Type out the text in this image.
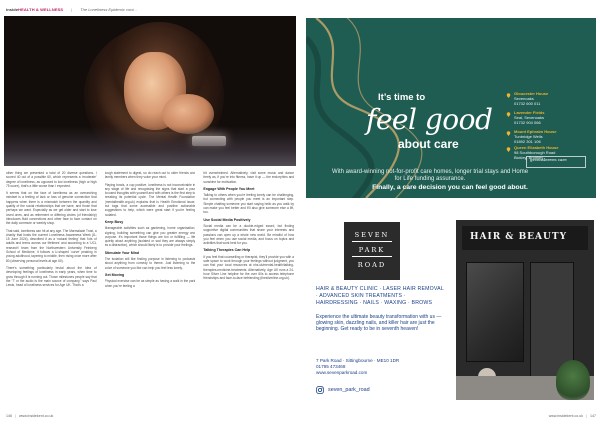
insideHEALTH & WELLNESS | The Loneliness Epidemic cont...

other thing we presented a total of 20 diverse questions. I scored 40 out of a possible 60, which represents a ‘moderate’ degree of loneliness, as opposed to low loneliness (high or high 75 score), that’s a little worse than I expected.

It seems that on the face of loneliness as an overarching mindset is a feeling of lack or loss of genuine connection that happens when there is a mismatch between the quantity and quality of the social relationships that we have, and those that perhaps we want. Especially as we get older and start to lose loved ones, and as retirement or differing circles (of friendship) introduces fluid connections and other face to face contact on the daily commute or weekly shop.

That said, loneliness can hit at any age. The Marmalade Trust, a charity that hosts the current Loneliness Awareness Week (8–15 June 2024), described it as a ‘natural feeling’ that ‘lots of adults and teens across our lifetimes’ and according to a ‘UCL research’ team from the Northwestern University Feinberg School of Medicine, it follows a U-shaped ‘curve’ peaking in young adulthood, tapering to middle, then rising once more after 80 (observing personal levels at age 60).

There’s something particularly brutal about the idea of developing feelings of loneliness in early years, when time to grow through it is running out. Those milestones people say that the ‘7’ or the audio is the main source of company,” says Paul Lewis, head of loneliness services for Age UK. That’s a

tough statement to digest, so do reach out to older friends and family members when they voice your mind.

Playing bowls, a cup positive, loneliness is not inconceivable in any stage of life and recognising the signs that start a your focused thoughts with yourself and with others is the first step to breaking its potential cycle. The Mental Health Foundation (mentalhealth.org.uk) explains that is Health Emotional issue, but tags that some accessible and positive actionable suggestions to help, which were great start if you’re feeling isolated.

Keep Busy

Manageable activities such as gardening, home organisation, signing, building something can give you greater energy and purpose. It’s important those things are fun or fulfilling — life quietly about anything (isolated or sad they are always simply as a distraction), which should likely is to provide your feelings.

Stimulate Your Mind

The isolation will like finding purpose in listening to podcasts about anything from comedy to theme. Just listening to the voice of someone you like can help you feel less lonely.

Get Moving

Physical exercise can be as simple as having a walk in the park when you’re feeling a

bit overwhelmed. Alternatively, visit some music and dance freely as, if you’re into fitness, have it up — the endorphins and sunshine for motivation.

Engage With People You Meet

Talking to others when you’re feeling lonely can be challenging, but connecting with people you meet is an important step. Simple chatting someone you start saying hello as you walk by can make you feel better and it’ll also give someone else a lift, too.

Use Social Media Positively

Social media can be a double-edged sword, but finding supportive digital communities that share your interests and passions can open up a whole new world. Be mindful of how you feel when you use social media, and focus on topics and activities that work best for you.

Talking Therapies Can Help

If you feel that counselling or therapist, they’ll provide you with a safe space to work through your feelings without judgment, you can find your local resources at nhs.uk/mental-health/talking-therapies-medicine-treatments. Alternatively, Age UK runs a 24-hour Silver Line helpline for the over 60s to access telephone friendships and face-to-face befriending (thesilverline.org.uk).

146 | www.insidekent.co.uk
It’s time to
feel good
about care
Gloucester House
Sevenoaks
01732 600 011
Lavender Fields
Seal, Sevenoaks
01732 904 066
Mount Ephraim House
Tunbridge Wells
01892 301 106
Queen Elizabeth House
98 Southborough Road
Bickley, Bromley
greensleeves care
With award-winning not-for-profit care homes, longer trial stays and Home for Life funding assurance.
Finally, a care decision you can feel good about.
SEVEN
PARK
ROAD
HAIR & BEAUTY CLINIC · LASER HAIR REMOVAL · ADVANCED SKIN TREATMENTS · HAIRDRESSING · NAILS · WAXING · BROWS
Experience the ultimate beauty transformation with us — glowing skin, dazzling nails, and killer hair are just the beginning. Get ready to be in seventh heaven!
7 Park Road · Sittingbourne · ME10 1DR
01795 473468
www.sevenparkroad.com
seven_park_road
HAIR & BEAUTY
www.insidekent.co.uk | 147
